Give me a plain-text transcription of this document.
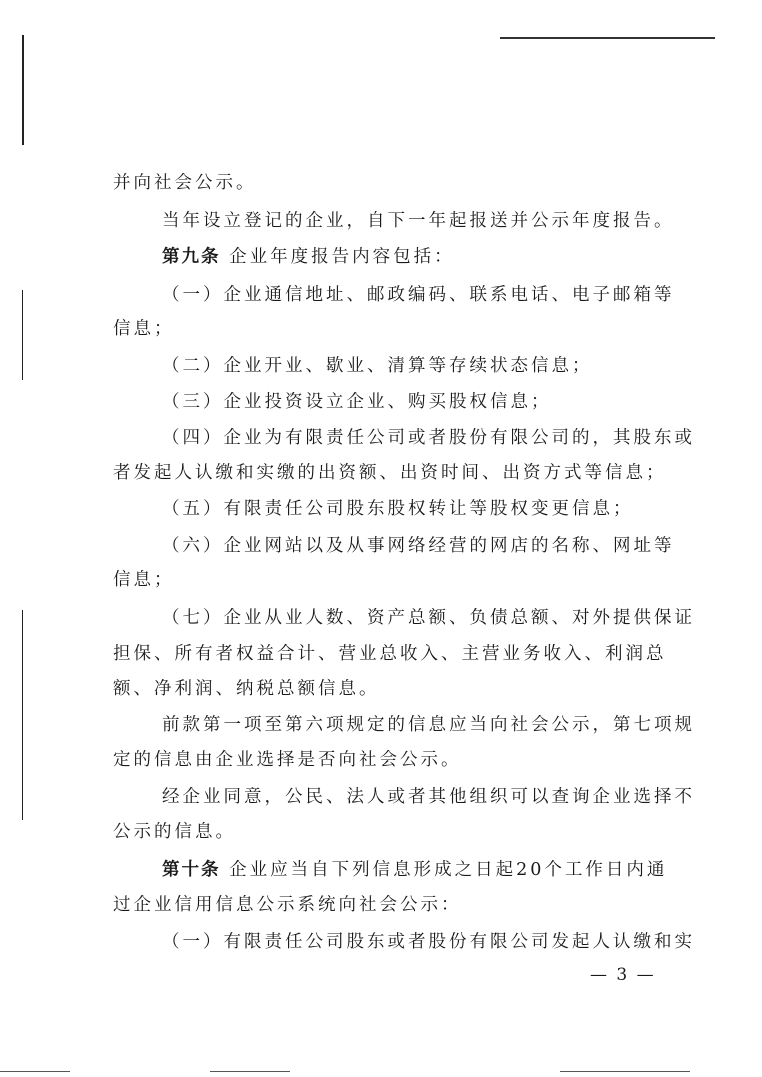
并向社会公示。
当年设立登记的企业，自下一年起报送并公示年度报告。
第九条 企业年度报告内容包括：
（一）企业通信地址、邮政编码、联系电话、电子邮箱等
信息；
（二）企业开业、歇业、清算等存续状态信息；
（三）企业投资设立企业、购买股权信息；
（四）企业为有限责任公司或者股份有限公司的，其股东或
者发起人认缴和实缴的出资额、出资时间、出资方式等信息；
（五）有限责任公司股东股权转让等股权变更信息；
（六）企业网站以及从事网络经营的网店的名称、网址等
信息；
（七）企业从业人数、资产总额、负债总额、对外提供保证
担保、所有者权益合计、营业总收入、主营业务收入、利润总
额、净利润、纳税总额信息。
前款第一项至第六项规定的信息应当向社会公示，第七项规
定的信息由企业选择是否向社会公示。
经企业同意，公民、法人或者其他组织可以查询企业选择不
公示的信息。
第十条 企业应当自下列信息形成之日起20个工作日内通
过企业信用信息公示系统向社会公示：
（一）有限责任公司股东或者股份有限公司发起人认缴和实
— 3 —
